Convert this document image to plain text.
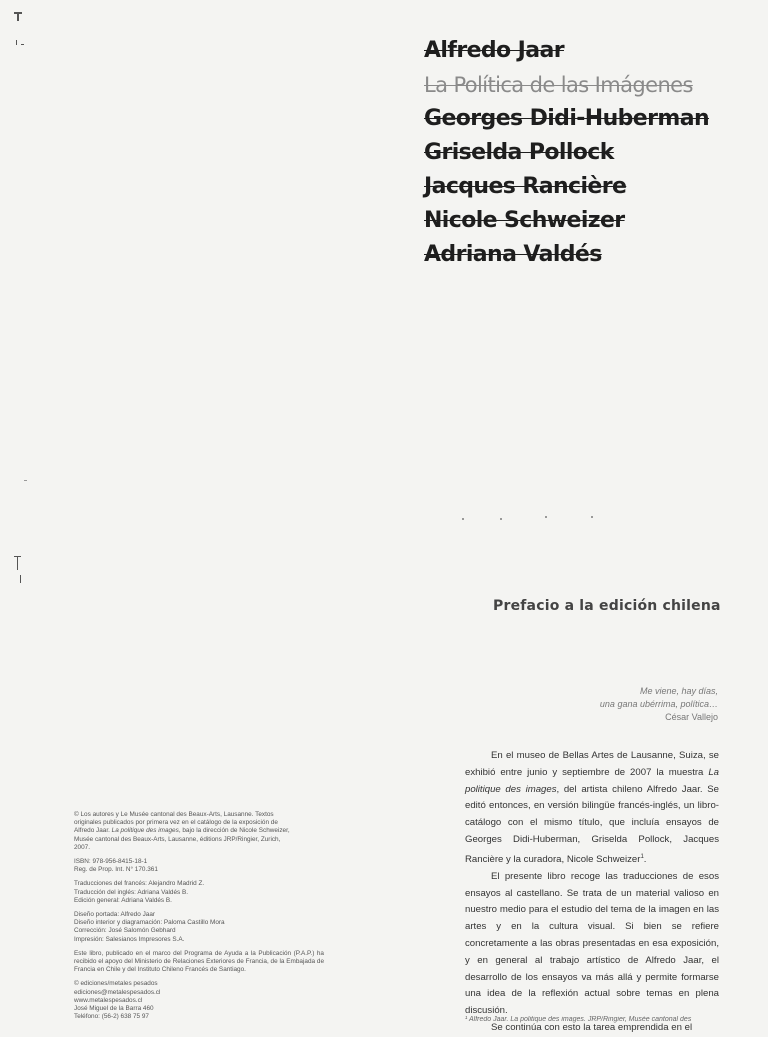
Alfredo Jaar
La Política de las Imágenes
Georges Didi-Huberman
Griselda Pollock
Jacques Rancière
Nicole Schweizer
Adriana Valdés
Prefacio a la edición chilena
Me viene, hay días,
una gana ubérrima, política…
César Vallejo

En el museo de Bellas Artes de Lausanne, Suiza, se exhibió entre junio y septiembre de 2007 la muestra La politique des images, del artista chileno Alfredo Jaar. Se editó entonces, en versión bilingüe francés-inglés, un libro-catálogo con el mismo título, que incluía ensayos de Georges Didi-Huberman, Griselda Pollock, Jacques Rancière y la curadora, Nicole Schweizer$^1$.

El presente libro recoge las traducciones de esos ensayos al castellano. Se trata de un material valioso en nuestro medio para el estudio del tema de la imagen en las artes y en la cultura visual. Si bien se refiere concretamente a las obras presentadas en esa exposición, y en general al trabajo artístico de Alfredo Jaar, el desarrollo de los ensayos va más allá y permite formarse una idea de la reflexión actual sobre temas en plena discusión.

Se continúa con esto la tarea emprendida en el

¹ Alfredo Jaar. La politique des images. JRP/Ringier, Musée cantonal des
© Los autores y Le Musée cantonal des Beaux-Arts, Lausanne. Textos
originales publicados por primera vez en el catálogo de la exposición de
Alfredo Jaar. La politique des images, bajo la dirección de Nicole Schweizer,
Musée cantonal des Beaux-Arts, Lausanne, éditions JRP/Ringier, Zurich,
2007.
ISBN: 978-956-8415-18-1
Reg. de Prop. Int. N° 170.361
Traducciones del francés: Alejandro Madrid Z.
Traducción del inglés: Adriana Valdés B.
Edición general: Adriana Valdés B.
Diseño portada: Alfredo Jaar
Diseño interior y diagramación: Paloma Castillo Mora
Corrección: José Salomón Gebhard
Impresión: Salesianos Impresores S.A.
Este libro, publicado en el marco del Programa de Ayuda a la Publicación (P.A.P.) ha recibido el apoyo del Ministerio de Relaciones Exteriores de Francia, de la Embajada de Francia en Chile y del Instituto Chileno Francés de Santiago.
© ediciones/metales pesados
ediciones@metalespesados.cl
www.metalespesados.cl
José Miguel de la Barra 460
Teléfono: (56-2) 638 75 97
